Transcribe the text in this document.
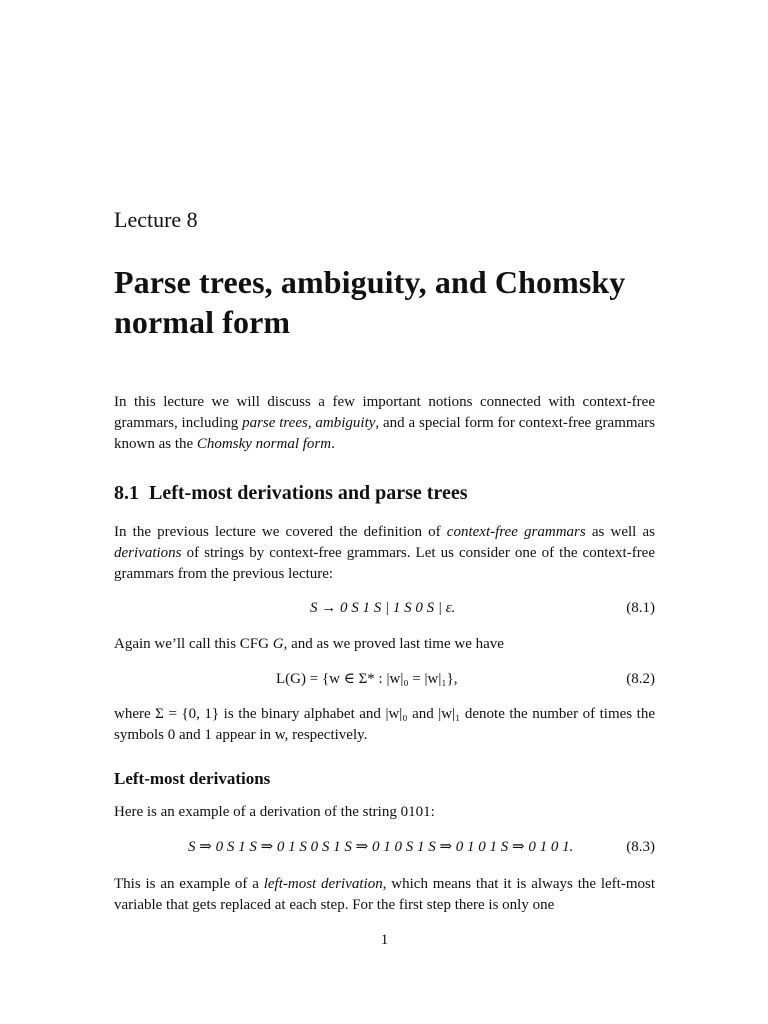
Lecture 8
Parse trees, ambiguity, and Chomsky normal form

In this lecture we will discuss a few important notions connected with context-free grammars, including parse trees, ambiguity, and a special form for context-free grammars known as the Chomsky normal form.

8.1 Left-most derivations and parse trees

In the previous lecture we covered the definition of context-free grammars as well as derivations of strings by context-free grammars. Let us consider one of the context-free grammars from the previous lecture:

S → 0 S 1 S | 1 S 0 S | ε.	(8.1)

Again we’ll call this CFG G, and as we proved last time we have

L(G) = {w ∈ Σ* : |w|₀ = |w|₁},	(8.2)

where Σ = {0, 1} is the binary alphabet and |w|₀ and |w|₁ denote the number of times the symbols 0 and 1 appear in w, respectively.

Left-most derivations

Here is an example of a derivation of the string 0101:

S ⇒ 0 S 1 S ⇒ 0 1 S 0 S 1 S ⇒ 0 1 0 S 1 S ⇒ 0 1 0 1 S ⇒ 0 1 0 1.	(8.3)

This is an example of a left-most derivation, which means that it is always the left-most variable that gets replaced at each step. For the first step there is only one

1
